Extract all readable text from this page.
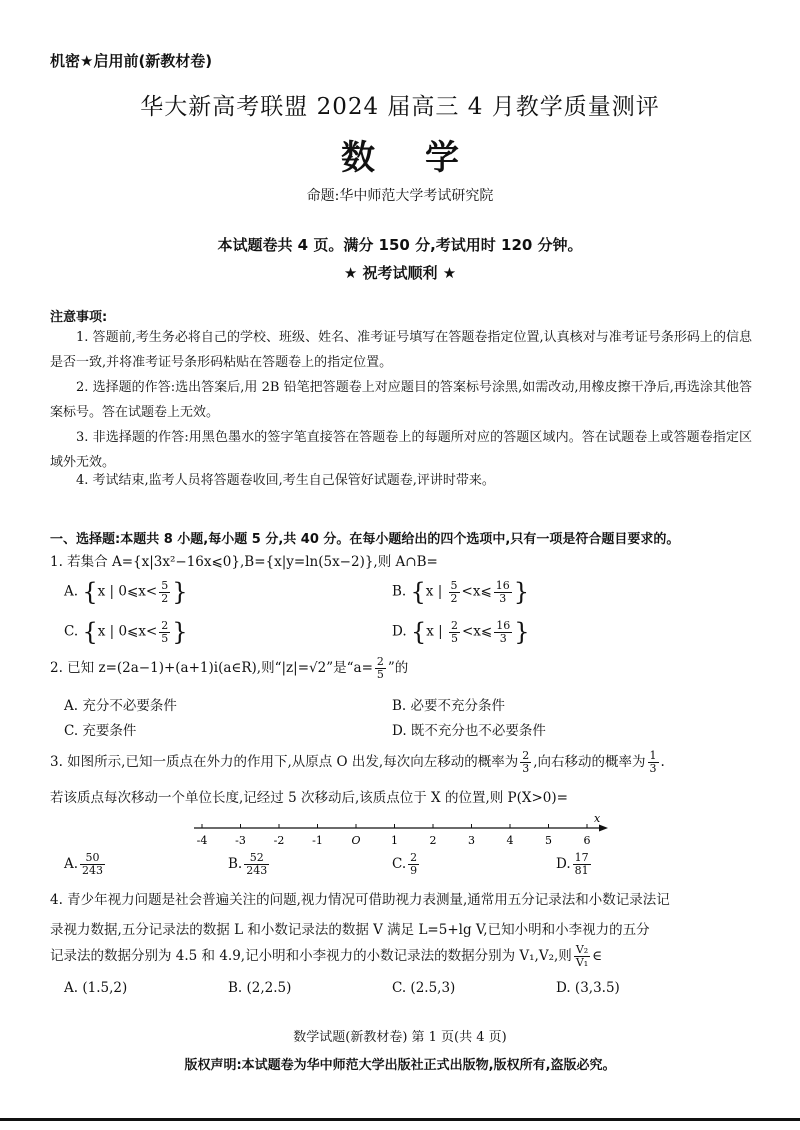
机密★启用前(新教材卷)
华大新高考联盟 2024 届高三 4 月教学质量测评
数学
命题:华中师范大学考试研究院
本试题卷共 4 页。满分 150 分,考试用时 120 分钟。
★ 祝考试顺利 ★
注意事项:
1. 答题前,考生务必将自己的学校、班级、姓名、准考证号填写在答题卷指定位置,认真核对与准考证号条形码上的信息是否一致,并将准考证号条形码粘贴在答题卷上的指定位置。
2. 选择题的作答:选出答案后,用 2B 铅笔把答题卷上对应题目的答案标号涂黑,如需改动,用橡皮擦干净后,再选涂其他答案标号。答在试题卷上无效。
3. 非选择题的作答:用黑色墨水的签字笔直接答在答题卷上的每题所对应的答题区域内。答在试题卷上或答题卷指定区域外无效。
4. 考试结束,监考人员将答题卷收回,考生自己保管好试题卷,评讲时带来。
一、选择题:本题共 8 小题,每小题 5 分,共 40 分。在每小题给出的四个选项中,只有一项是符合题目要求的。
1. 若集合 A={x|3x²−16x⩽0},B={x|y=ln(5x−2)},则 A∩B=
A. {x | 0⩽x< $\frac{5}{2}$ }	B. {x | $\frac{5}{2}$ <x⩽ $\frac{16}{3}$ }
C. {x | 0⩽x< $\frac{2}{5}$ }	D. {x | $\frac{2}{5}$ <x⩽ $\frac{16}{3}$ }
2. 已知 z=(2a−1)+(a+1)i(a∈R),则“|z|=√2”是“$a= \frac{2}{5}$ ”的
A. 充分不必要条件	B. 必要不充分条件
C. 充要条件	D. 既不充分也不必要条件
3. 如图所示,已知一质点在外力的作用下,从原点 O 出发,每次向左移动的概率为 $\frac{2}{3}$ ,向右移动的概率为 $\frac{1}{3}$ .
若该质点每次移动一个单位长度,记经过 5 次移动后,该质点位于 X 的位置,则 P(X>0)=
x
-4	-3	-2	-1	O	1	2	3	4	5	6
A. $\frac{50}{243}$	B. $\frac{52}{243}$	C. $\frac{2}{9}$	D. $\frac{17}{81}$
4. 青少年视力问题是社会普遍关注的问题,视力情况可借助视力表测量,通常用五分记录法和小数记录法记
录视力数据,五分记录法的数据 L 和小数记录法的数据 V 满足 L=5+lg V,已知小明和小李视力的五分
记录法的数据分别为 4.5 和 4.9,记小明和小李视力的小数记录法的数据分别为 V₁,V₂,则 $\frac{\text{V₂}}{\text{V₁}}$ ∈
A. (1.5,2)	B. (2,2.5)	C. (2.5,3)	D. (3,3.5)
数学试题(新教材卷) 第 1 页(共 4 页)
版权声明:本试题卷为华中师范大学出版社正式出版物,版权所有,盗版必究。
